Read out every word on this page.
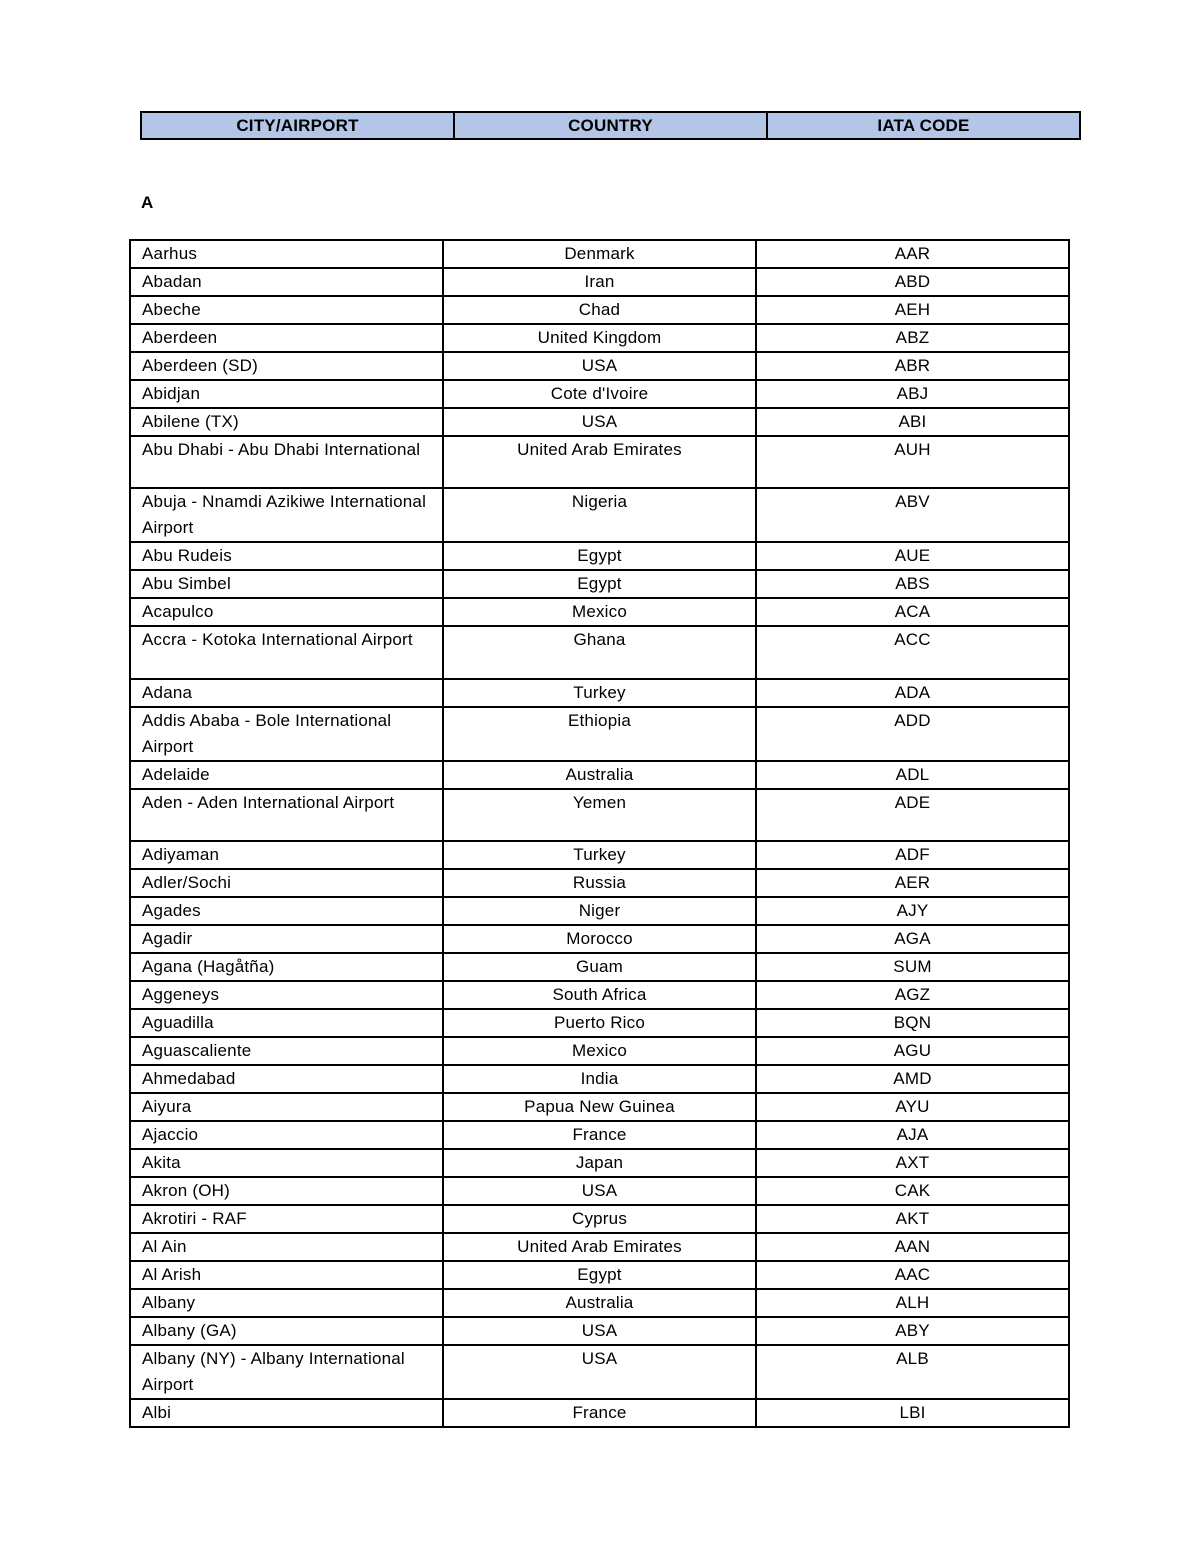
CITY/AIRPORT	COUNTRY	IATA CODE
A
Aarhus	Denmark	AAR
Abadan	Iran	ABD
Abeche	Chad	AEH
Aberdeen	United Kingdom	ABZ
Aberdeen (SD)	USA	ABR
Abidjan	Cote d'Ivoire	ABJ
Abilene (TX)	USA	ABI
Abu Dhabi - Abu Dhabi International	United Arab Emirates	AUH
Abuja - Nnamdi Azikiwe International Airport	Nigeria	ABV
Abu Rudeis	Egypt	AUE
Abu Simbel	Egypt	ABS
Acapulco	Mexico	ACA
Accra - Kotoka International Airport	Ghana	ACC
Adana	Turkey	ADA
Addis Ababa - Bole International Airport	Ethiopia	ADD
Adelaide	Australia	ADL
Aden - Aden International Airport	Yemen	ADE
Adiyaman	Turkey	ADF
Adler/Sochi	Russia	AER
Agades	Niger	AJY
Agadir	Morocco	AGA
Agana (Hagåtña)	Guam	SUM
Aggeneys	South Africa	AGZ
Aguadilla	Puerto Rico	BQN
Aguascaliente	Mexico	AGU
Ahmedabad	India	AMD
Aiyura	Papua New Guinea	AYU
Ajaccio	France	AJA
Akita	Japan	AXT
Akron (OH)	USA	CAK
Akrotiri - RAF	Cyprus	AKT
Al Ain	United Arab Emirates	AAN
Al Arish	Egypt	AAC
Albany	Australia	ALH
Albany (GA)	USA	ABY
Albany (NY) - Albany International Airport	USA	ALB
Albi	France	LBI
